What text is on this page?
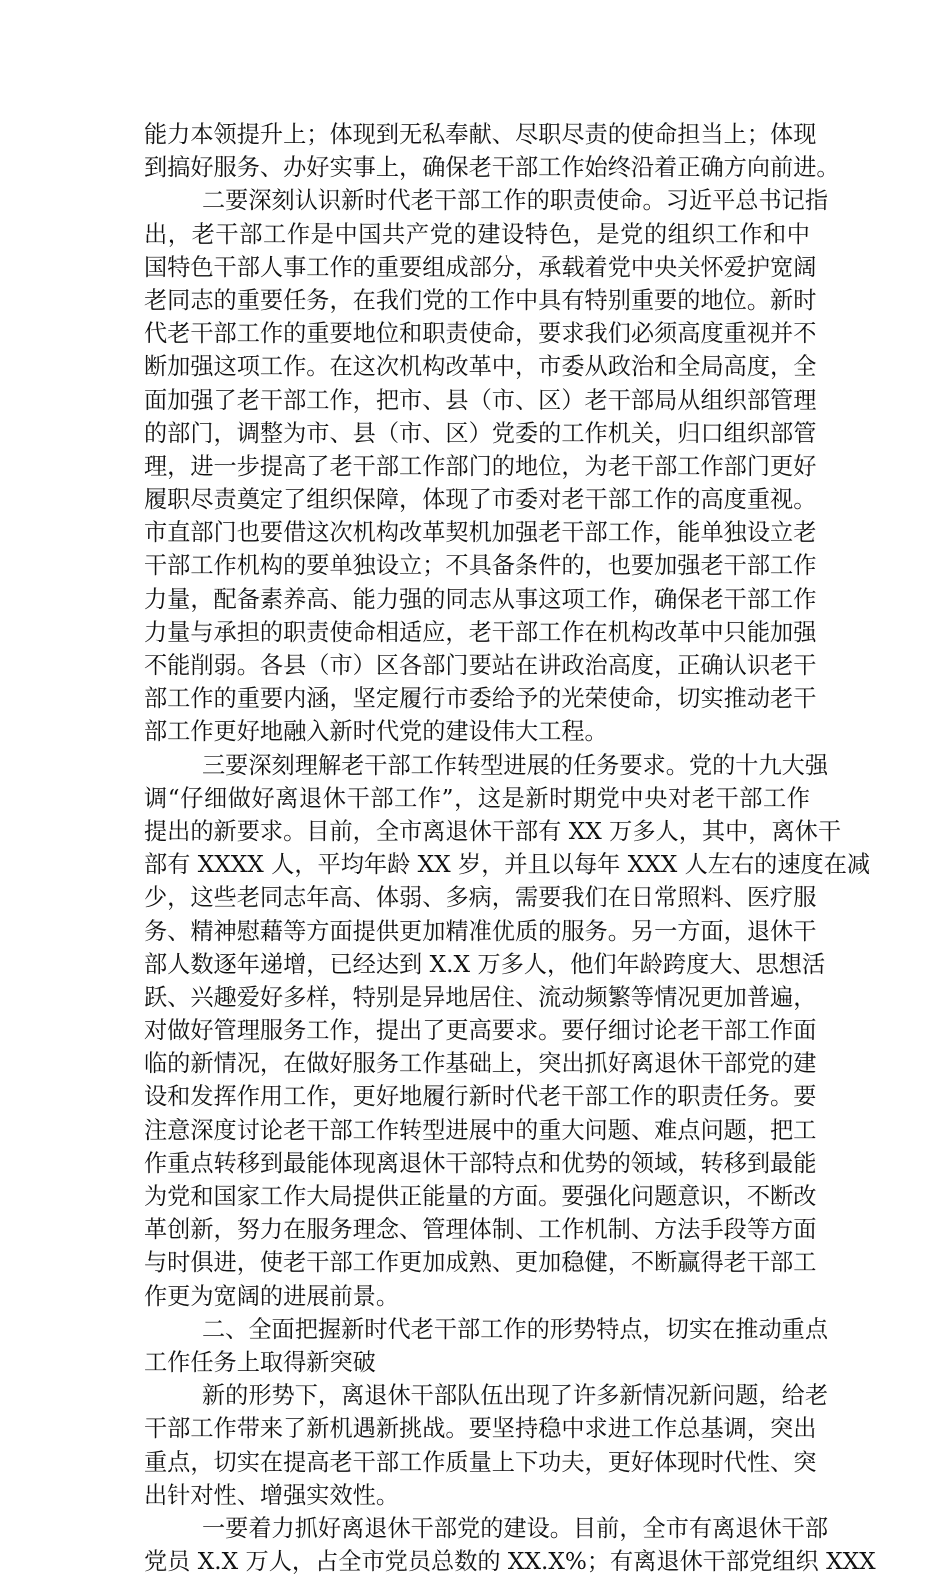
能力本领提升上；体现到无私奉献、尽职尽责的使命担当上；体现
到搞好服务、办好实事上，确保老干部工作始终沿着正确方向前进。
二要深刻认识新时代老干部工作的职责使命。习近平总书记指
出，老干部工作是中国共产党的建设特色，是党的组织工作和中
国特色干部人事工作的重要组成部分，承载着党中央关怀爱护宽阔
老同志的重要任务，在我们党的工作中具有特别重要的地位。新时
代老干部工作的重要地位和职责使命，要求我们必须高度重视并不
断加强这项工作。在这次机构改革中，市委从政治和全局高度，全
面加强了老干部工作，把市、县（市、区）老干部局从组织部管理
的部门，调整为市、县（市、区）党委的工作机关，归口组织部管
理，进一步提高了老干部工作部门的地位，为老干部工作部门更好
履职尽责奠定了组织保障，体现了市委对老干部工作的高度重视。
市直部门也要借这次机构改革契机加强老干部工作，能单独设立老
干部工作机构的要单独设立；不具备条件的，也要加强老干部工作
力量，配备素养高、能力强的同志从事这项工作，确保老干部工作
力量与承担的职责使命相适应，老干部工作在机构改革中只能加强
不能削弱。各县（市）区各部门要站在讲政治高度，正确认识老干
部工作的重要内涵，坚定履行市委给予的光荣使命，切实推动老干
部工作更好地融入新时代党的建设伟大工程。
三要深刻理解老干部工作转型进展的任务要求。党的十九大强
调“仔细做好离退休干部工作”，这是新时期党中央对老干部工作
提出的新要求。目前，全市离退休干部有 XX 万多人，其中，离休干
部有 XXXX 人，平均年龄 XX 岁，并且以每年 XXX 人左右的速度在减
少，这些老同志年高、体弱、多病，需要我们在日常照料、医疗服
务、精神慰藉等方面提供更加精准优质的服务。另一方面，退休干
部人数逐年递增，已经达到 X.X 万多人，他们年龄跨度大、思想活
跃、兴趣爱好多样，特别是异地居住、流动频繁等情况更加普遍，
对做好管理服务工作，提出了更高要求。要仔细讨论老干部工作面
临的新情况，在做好服务工作基础上，突出抓好离退休干部党的建
设和发挥作用工作，更好地履行新时代老干部工作的职责任务。要
注意深度讨论老干部工作转型进展中的重大问题、难点问题，把工
作重点转移到最能体现离退休干部特点和优势的领域，转移到最能
为党和国家工作大局提供正能量的方面。要强化问题意识，不断改
革创新，努力在服务理念、管理体制、工作机制、方法手段等方面
与时俱进，使老干部工作更加成熟、更加稳健，不断赢得老干部工
作更为宽阔的进展前景。
二、全面把握新时代老干部工作的形势特点，切实在推动重点
工作任务上取得新突破
新的形势下，离退休干部队伍出现了许多新情况新问题，给老
干部工作带来了新机遇新挑战。要坚持稳中求进工作总基调，突出
重点，切实在提高老干部工作质量上下功夫，更好体现时代性、突
出针对性、增强实效性。
一要着力抓好离退休干部党的建设。目前，全市有离退休干部
党员 X.X 万人，占全市党员总数的 XX.X%；有离退休干部党组织 XXX
